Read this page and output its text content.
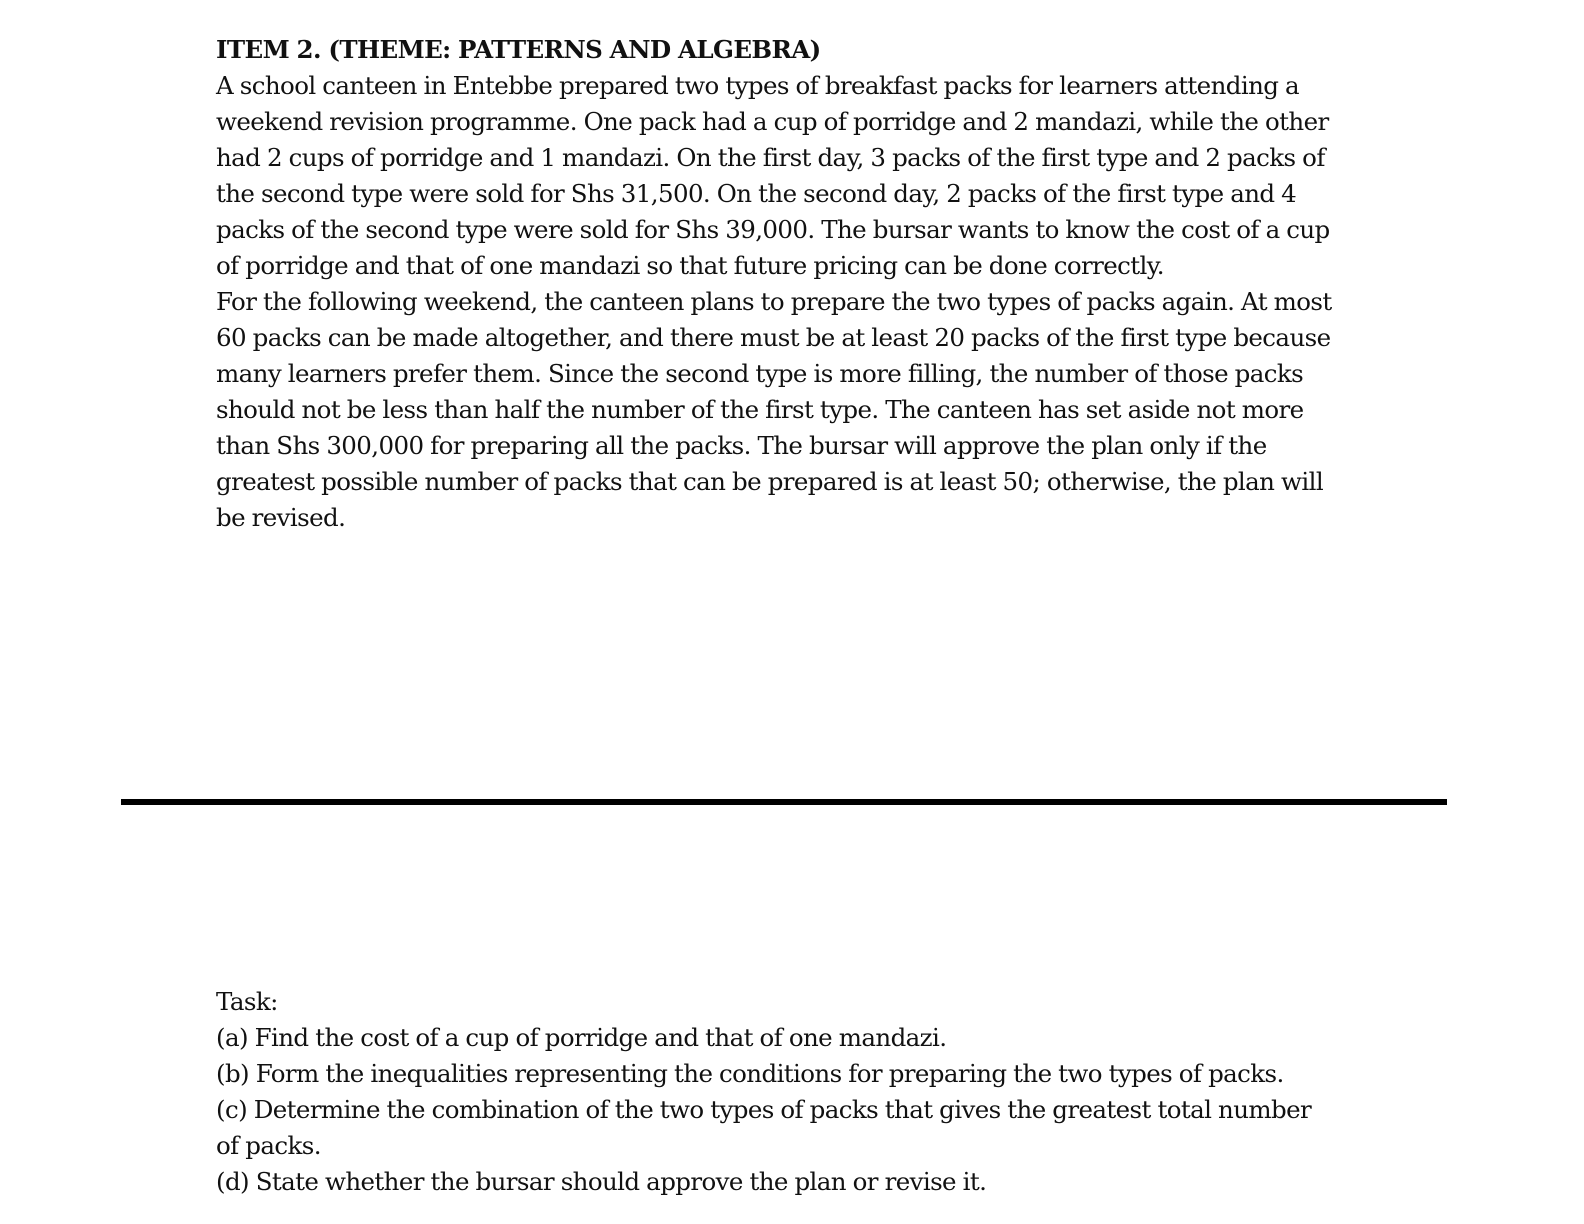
ITEM 2. (THEME: PATTERNS AND ALGEBRA)

A school canteen in Entebbe prepared two types of breakfast packs for learners attending a weekend revision programme. One pack had a cup of porridge and 2 mandazi, while the other had 2 cups of porridge and 1 mandazi. On the first day, 3 packs of the first type and 2 packs of the second type were sold for Shs 31,500. On the second day, 2 packs of the first type and 4 packs of the second type were sold for Shs 39,000. The bursar wants to know the cost of a cup of porridge and that of one mandazi so that future pricing can be done correctly.

For the following weekend, the canteen plans to prepare the two types of packs again. At most 60 packs can be made altogether, and there must be at least 20 packs of the first type because many learners prefer them. Since the second type is more filling, the number of those packs should not be less than half the number of the first type. The canteen has set aside not more than Shs 300,000 for preparing all the packs. The bursar will approve the plan only if the greatest possible number of packs that can be prepared is at least 50; otherwise, the plan will be revised.

Task:
(a) Find the cost of a cup of porridge and that of one mandazi.
(b) Form the inequalities representing the conditions for preparing the two types of packs.
(c) Determine the combination of the two types of packs that gives the greatest total number of packs.
(d) State whether the bursar should approve the plan or revise it.
